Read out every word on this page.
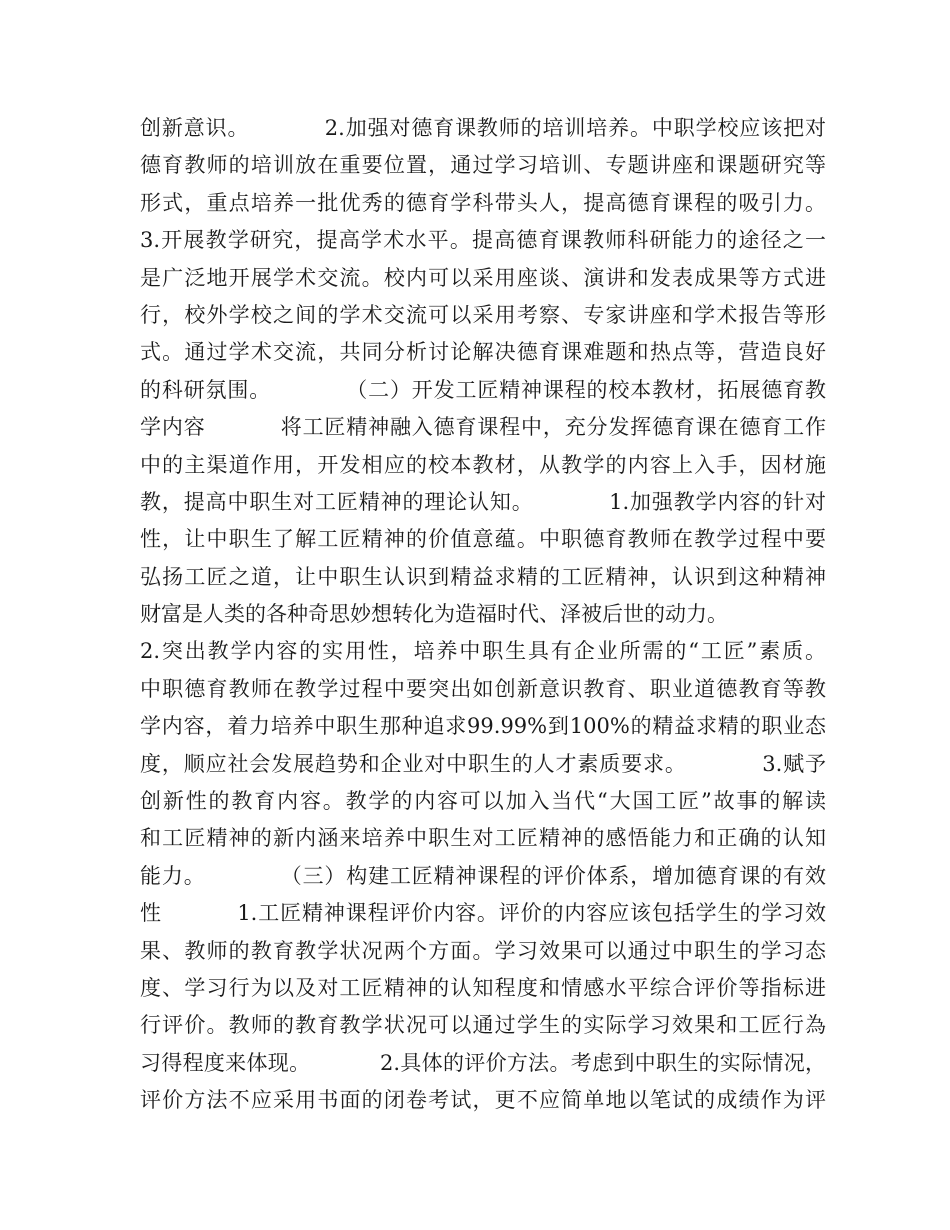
创新意识。          2.加强对德育课教师的培训培养。中职学校应该把对
德育教师的培训放在重要位置，通过学习培训、专题讲座和课题研究等
形式，重点培养一批优秀的德育学科带头人，提高德育课程的吸引力。
3.开展教学研究，提高学术水平。提高德育课教师科研能力的途径之一
是广泛地开展学术交流。校内可以采用座谈、演讲和发表成果等方式进
行，校外学校之间的学术交流可以采用考察、专家讲座和学术报告等形
式。通过学术交流，共同分析讨论解决德育课难题和热点等，营造良好
的科研氛围。          （二）开发工匠精神课程的校本教材，拓展德育教
学内容          将工匠精神融入德育课程中，充分发挥德育课在德育工作
中的主渠道作用，开发相应的校本教材，从教学的内容上入手，因材施
教，提高中职生对工匠精神的理论认知。          1.加强教学内容的针对
性，让中职生了解工匠精神的价值意蕴。中职德育教师在教学过程中要
弘扬工匠之道，让中职生认识到精益求精的工匠精神，认识到这种精神
财富是人类的各种奇思妙想转化为造福时代、泽被后世的动力。
2.突出教学内容的实用性，培养中职生具有企业所需的“工匠”素质。
中职德育教师在教学过程中要突出如创新意识教育、职业道德教育等教
学内容，着力培养中职生那种追求99.99%到100%的精益求精的职业态
度，顺应社会发展趋势和企业对中职生的人才素质要求。          3.赋予
创新性的教育内容。教学的内容可以加入当代“大国工匠”故事的解读
和工匠精神的新内涵来培养中职生对工匠精神的感悟能力和正确的认知
能力。          （三）构建工匠精神课程的评价体系，增加德育课的有效
性          1.工匠精神课程评价内容。评价的内容应该包括学生的学习效
果、教师的教育教学状况两个方面。学习效果可以通过中职生的学习态
度、学习行为以及对工匠精神的认知程度和情感水平综合评价等指标进
行评价。教师的教育教学状况可以通过学生的实际学习效果和工匠行為
习得程度来体现。          2.具体的评价方法。考虑到中职生的实际情况，
评价方法不应采用书面的闭卷考试，更不应简单地以笔试的成绩作为评
